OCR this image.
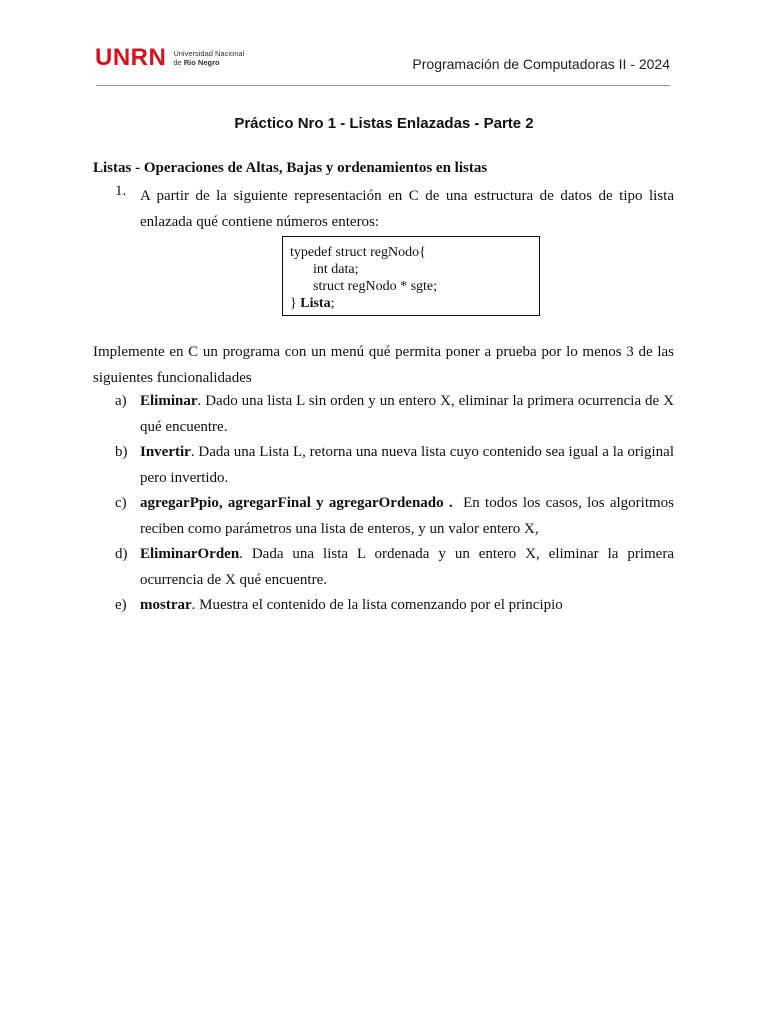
UNRN Universidad Nacional
de Río Negro	Programación de Computadoras II - 2024
Práctico Nro 1 - Listas Enlazadas - Parte 2
Listas - Operaciones de Altas, Bajas y ordenamientos en listas
1. A partir de la siguiente representación en C de una estructura de datos de tipo lista enlazada qué contiene números enteros:
typedef struct regNodo{
int data;
struct regNodo * sgte;
} Lista;
Implemente en C un programa con un menú qué permita poner a prueba por lo menos 3 de las
siguientes funcionalidades
a) Eliminar. Dado una lista L sin orden y un entero X, eliminar la primera ocurrencia de X qué encuentre.
b) Invertir. Dada una Lista L, retorna una nueva lista cuyo contenido sea igual a la original pero invertido.
c) agregarPpio, agregarFinal y agregarOrdenado .  En todos los casos, los algoritmos reciben como parámetros una lista de enteros, y un valor entero X,
d) EliminarOrden. Dada una lista L ordenada y un entero X, eliminar la primera ocurrencia de X qué encuentre.
e) mostrar. Muestra el contenido de la lista comenzando por el principio
